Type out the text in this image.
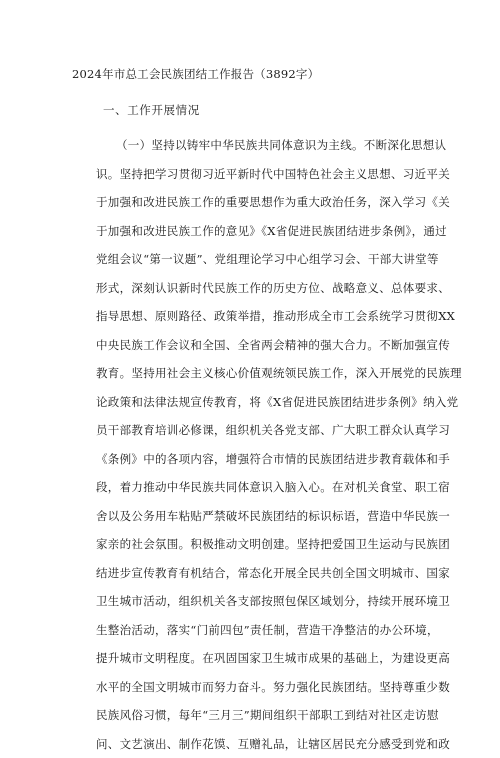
2024年市总工会民族团结工作报告（3892字）
一、工作开展情况
（一）坚持以铸牢中华民族共同体意识为主线。不断深化思想认
识。坚持把学习贯彻习近平新时代中国特色社会主义思想、习近平关
于加强和改进民族工作的重要思想作为重大政治任务，深入学习《关
于加强和改进民族工作的意见》《X省促进民族团结进步条例》，通过
党组会议“第一议题”、党组理论学习中心组学习会、干部大讲堂等
形式，深刻认识新时代民族工作的历史方位、战略意义、总体要求、
指导思想、原则路径、政策举措，推动形成全市工会系统学习贯彻XX
中央民族工作会议和全国、全省两会精神的强大合力。不断加强宣传
教育。坚持用社会主义核心价值观统领民族工作，深入开展党的民族理
论政策和法律法规宣传教育，将《X省促进民族团结进步条例》纳入党
员干部教育培训必修课，组织机关各党支部、广大职工群众认真学习
《条例》中的各项内容，增强符合市情的民族团结进步教育载体和手
段，着力推动中华民族共同体意识入脑入心。在对机关食堂、职工宿
舍以及公务用车粘贴严禁破坏民族团结的标识标语，营造中华民族一
家亲的社会氛围。积极推动文明创建。坚持把爱国卫生运动与民族团
结进步宣传教育有机结合，常态化开展全民共创全国文明城市、国家
卫生城市活动，组织机关各支部按照包保区域划分，持续开展环境卫
生整治活动，落实“门前四包”责任制，营造干净整洁的办公环境，
提升城市文明程度。在巩固国家卫生城市成果的基础上，为建设更高
水平的全国文明城市而努力奋斗。努力强化民族团结。坚持尊重少数
民族风俗习惯，每年“三月三”期间组织干部职工到结对社区走访慰
问、文艺演出、制作花馍、互赠礼品，让辖区居民充分感受到党和政
